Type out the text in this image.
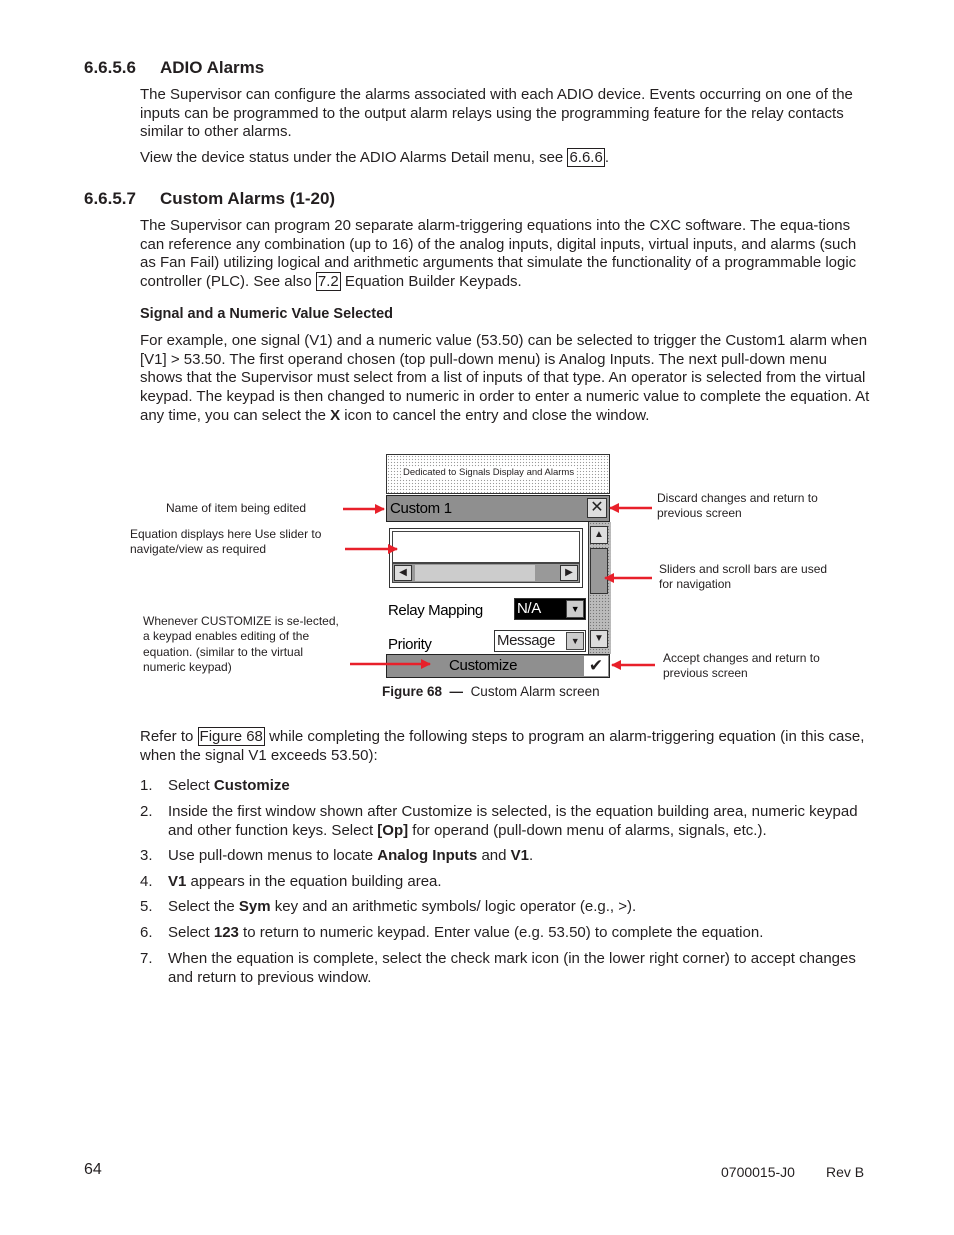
6.6.5.6 ADIO Alarms

The Supervisor can configure the alarms associated with each ADIO device. Events occurring on one of the inputs can be programmed to the output alarm relays using the programming feature for the relay contacts similar to other alarms.

View the device status under the ADIO Alarms Detail menu, see 6.6.6 .

6.6.5.7 Custom Alarms (1-20)

The Supervisor can program 20 separate alarm-triggering equations into the CXC software. The equa-tions can reference any combination (up to 16) of the analog inputs, digital inputs, virtual inputs, and alarms (such as Fan Fail) utilizing logical and arithmetic arguments that simulate the functionality of a programmable logic controller (PLC). See also 7.2 Equation Builder Keypads.

Signal and a Numeric Value Selected

For example, one signal (V1) and a numeric value (53.50) can be selected to trigger the Custom1 alarm when [V1] > 53.50. The first operand chosen (top pull-down menu) is Analog Inputs. The next pull-down menu shows that the Supervisor must select from a list of inputs of that type. An operator is selected from the virtual keypad. The keypad is then changed to numeric in order to enter a numeric value to complete the equation. At any time, you can select the X icon to cancel the entry and close the window.

Name of item being edited
Equation displays here Use slider to navigate/view as required
Whenever CUSTOMIZE is se-lected, a keypad enables editing of the equation. (similar to the virtual numeric keypad)
Discard changes and return to previous screen
Sliders and scroll bars are used for navigation
Accept changes and return to previous screen
Dedicated to Signals Display and Alarms
Custom 1	✕
◀	▶
▲
▼
Relay Mapping N/A	▼
Priority	Message	▼
Customize	✔
Figure 68 — Custom Alarm screen

Refer to Figure 68 while completing the following steps to program an alarm-triggering equation (in this case, when the signal V1 exceeds 53.50):

1. Select Customize
2. Inside the first window shown after Customize is selected, is the equation building area, numeric keypad and other function keys. Select [Op] for operand (pull-down menu of alarms, signals, etc.).
3. Use pull-down menus to locate Analog Inputs and V1.
4. V1 appears in the equation building area.
5. Select the Sym key and an arithmetic symbols/ logic operator (e.g., >).
6. Select 123 to return to numeric keypad. Enter value (e.g. 53.50) to complete the equation.
7. When the equation is complete, select the check mark icon (in the lower right corner) to accept changes and return to previous window.
64	0700015-J0 Rev B
